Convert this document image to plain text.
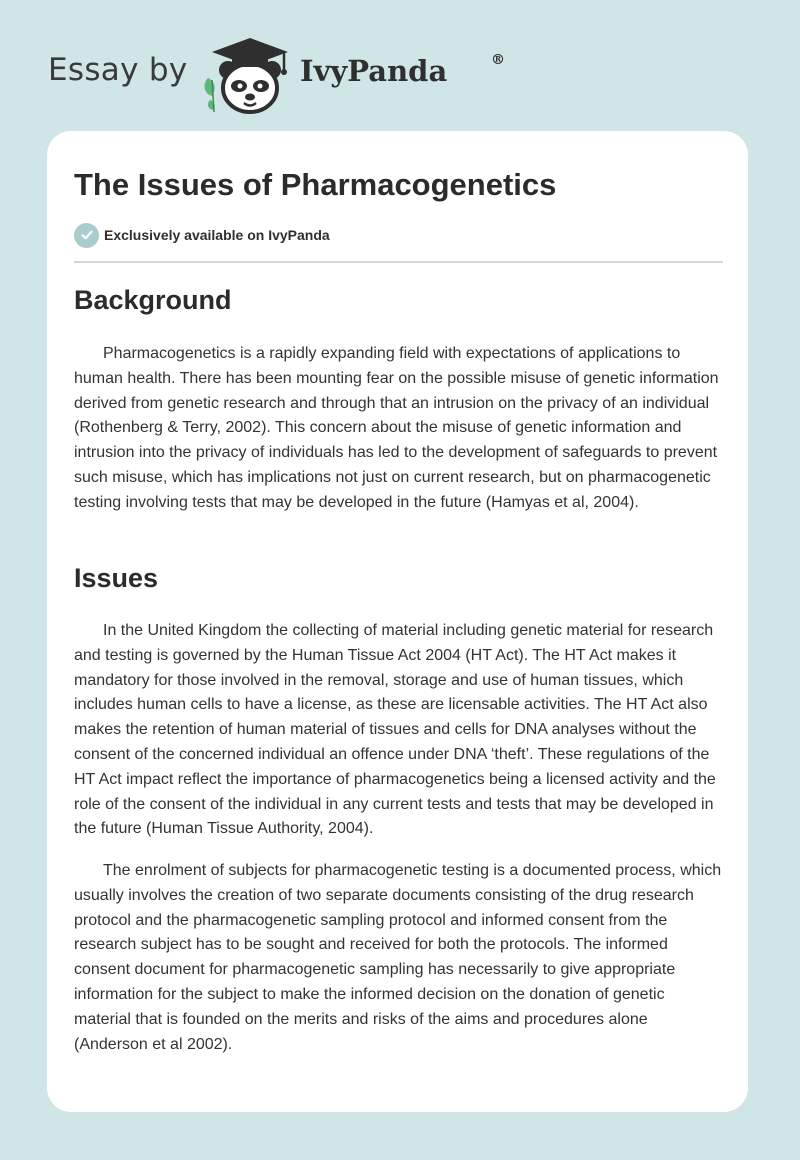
Essay by	IvyPanda	®
The Issues of Pharmacogenetics
Exclusively available on IvyPanda
Background

Pharmacogenetics is a rapidly expanding field with expectations of applications to human health. There has been mounting fear on the possible misuse of genetic information derived from genetic research and through that an intrusion on the privacy of an individual (Rothenberg & Terry, 2002). This concern about the misuse of genetic information and intrusion into the privacy of individuals has led to the development of safeguards to prevent such misuse, which has implications not just on current research, but on pharmacogenetic testing involving tests that may be developed in the future (Hamyas et al, 2004).

Issues

In the United Kingdom the collecting of material including genetic material for research and testing is governed by the Human Tissue Act 2004 (HT Act). The HT Act makes it mandatory for those involved in the removal, storage and use of human tissues, which includes human cells to have a license, as these are licensable activities. The HT Act also makes the retention of human material of tissues and cells for DNA analyses without the consent of the concerned individual an offence under DNA ‘theft’. These regulations of the HT Act impact reflect the importance of pharmacogenetics being a licensed activity and the role of the consent of the individual in any current tests and tests that may be developed in the future (Human Tissue Authority, 2004).

The enrolment of subjects for pharmacogenetic testing is a documented process, which usually involves the creation of two separate documents consisting of the drug research protocol and the pharmacogenetic sampling protocol and informed consent from the research subject has to be sought and received for both the protocols. The informed consent document for pharmacogenetic sampling has necessarily to give appropriate information for the subject to make the informed decision on the donation of genetic material that is founded on the merits and risks of the aims and procedures alone (Anderson et al 2002).
